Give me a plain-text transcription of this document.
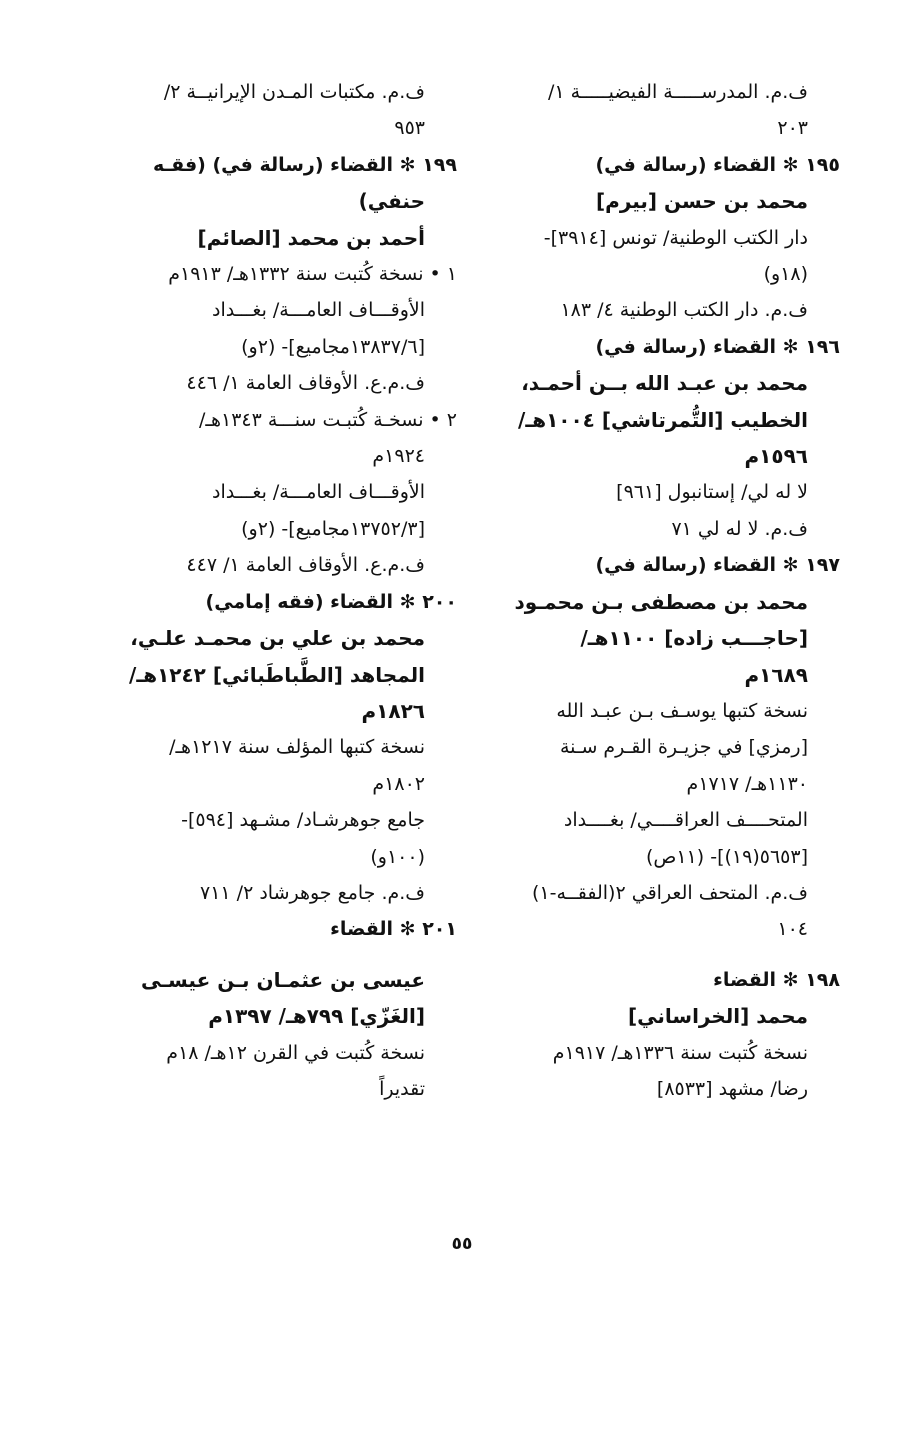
ف.م. المدرســـــة الفيضيـــــة ١/
٢٠٣
١٩٥ ✻ القضاء (رسالة في)
محمد بن حسن [بيرم]
دار الكتب الوطنية/ تونس [٣٩١٤]-
(١٨و)
ف.م. دار الكتب الوطنية ٤/ ١٨٣
١٩٦ ✻ القضاء (رسالة في)
محمد بن عبـد الله بــن أحمـد،
الخطيب [التُّمرتاشي] ١٠٠٤هـ/
١٥٩٦م
لا له لي/ إستانبول [٩٦١]
ف.م. لا له لي ٧١
١٩٧ ✻ القضاء (رسالة في)
محمد بن مصطفى بـن محمـود
[حاجـــب زاده] ١١٠٠هـ/
١٦٨٩م
نسخة كتبها يوسـف بـن عبـد الله
[رمزي] في جزيـرة القـرم سـنة
١١٣٠هـ/ ١٧١٧م
المتحــــف العراقــــي/ بغــــداد
[٥٦٥٣(١٩)]- (١١ص)
ف.م. المتحف العراقي ٢(الفقــه-١)
١٠٤
١٩٨ ✻ القضاء
محمد [الخراساني]
نسخة كُتبت سنة ١٣٣٦هـ/ ١٩١٧م
رضا/ مشهد [٨٥٣٣]
ف.م. مكتبات المـدن الإيرانيــة ٢/
٩٥٣
١٩٩ ✻ القضاء (رسالة في) (فقـه
حنفي)
أحمد بن محمد [الصائم]
١ • نسخة كُتبت سنة ١٣٣٢هـ/ ١٩١٣م
الأوقـــاف العامـــة/ بغـــداد
[١٣٨٣٧/٦مجاميع]- (٢و)
ف.م.ع. الأوقاف العامة ١/ ٤٤٦
٢ • نسخـة كُتبـت سنـــة ١٣٤٣هـ/
١٩٢٤م
الأوقـــاف العامـــة/ بغـــداد
[١٣٧٥٢/٣مجاميع]- (٢و)
ف.م.ع. الأوقاف العامة ١/ ٤٤٧
٢٠٠ ✻ القضاء (فقه إمامي)
محمد بن علي بن محمـد علـي،
المجاهد [الطَّباطَبائي] ١٢٤٢هـ/
١٨٢٦م
نسخة كتبها المؤلف سنة ١٢١٧هـ/
١٨٠٢م
جامع جوهرشـاد/ مشـهد [٥٩٤]-
(١٠٠و)
ف.م. جامع جوهرشاد ٢/ ٧١١
٢٠١ ✻ القضاء
عيسى بن عثمـان بـن عيسـى
[الغَزّي] ٧٩٩هـ/ ١٣٩٧م
نسخة كُتبت في القرن ١٢هـ/ ١٨م
تقديراً
٥٥
